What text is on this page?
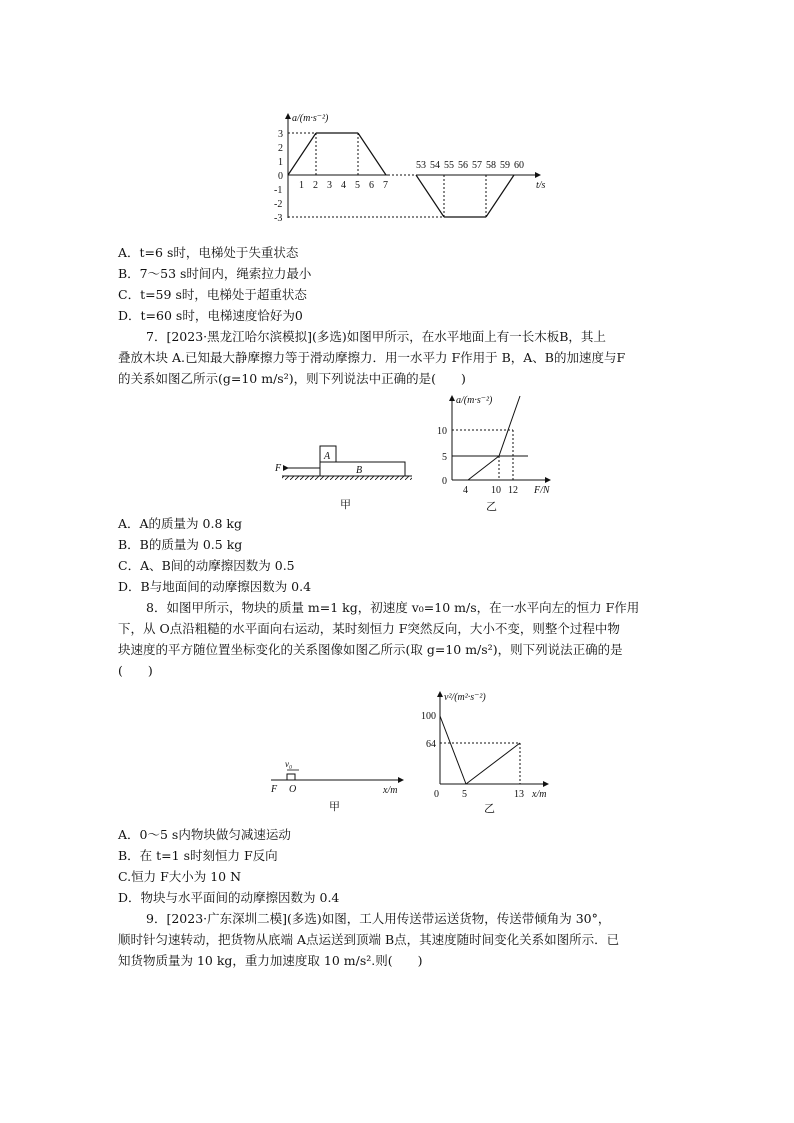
a/(m·s⁻²)
t/s
3
2
1
0
-1
-2
-3
1 2 3 4 5 6 7
53 54 55 56 57 58 59 60
A．t=6 s时，电梯处于失重状态
B．7～53 s时间内，绳索拉力最小
C．t=59 s时，电梯处于超重状态
D．t=60 s时，电梯速度恰好为0
7．[2023·黑龙江哈尔滨模拟](多选)如图甲所示，在水平地面上有一长木板B，其上
叠放木块 A.已知最大静摩擦力等于滑动摩擦力．用一水平力 F作用于 B，A、B的加速度与F
的关系如图乙所示(g=10 m/s²)，则下列说法中正确的是(　　)
A
B
F
甲
a/(m·s⁻²)
F/N
10
5
0
4 10 12
乙
A．A的质量为 0.8 kg
B．B的质量为 0.5 kg
C．A、B间的动摩擦因数为 0.5
D．B与地面间的动摩擦因数为 0.4
8．如图甲所示，物块的质量 m=1 kg，初速度 v₀=10 m/s，在一水平向左的恒力 F作用
下，从 O点沿粗糙的水平面向右运动，某时刻恒力 F突然反向，大小不变，则整个过程中物
块速度的平方随位置坐标变化的关系图像如图乙所示(取 g=10 m/s²)，则下列说法正确的是
(　　)
v₀
F O	x/m
甲
v²/(m²·s⁻²)
x/m
100
64
0 5	13
乙
A．0～5 s内物块做匀减速运动
B．在 t=1 s时刻恒力 F反向
C.恒力 F大小为 10 N
D．物块与水平面间的动摩擦因数为 0.4
9．[2023·广东深圳二模](多选)如图，工人用传送带运送货物，传送带倾角为 30°，
顺时针匀速转动，把货物从底端 A点运送到顶端 B点，其速度随时间变化关系如图所示．已
知货物质量为 10 kg，重力加速度取 10 m/s².则(　　)
